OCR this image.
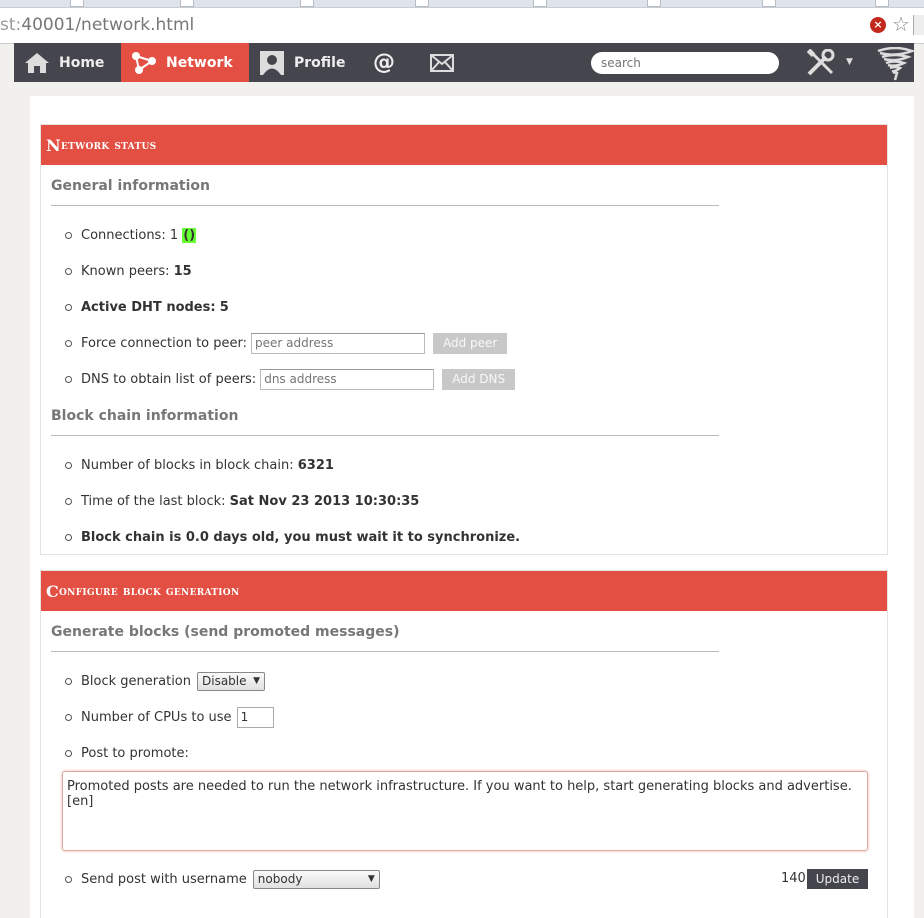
st:40001/network.html	× ☆
Home	Network	Profile @
search	▼
N etwork status
General information
Connections: 1
()
Known peers:
15
Active DHT nodes:
5
Force connection to peer:
peer address	Add peer
DNS to obtain list of peers:
dns address	Add DNS
Block chain information
Number of blocks in block chain:
6321
Time of the last block:
Sat Nov 23 2013 10:30:35
Block chain is 0.0 days old, you must wait it to synchronize.
C onfigure block generation
Generate blocks (send promoted messages)
Block generation Disable ▼
Number of CPUs to use 1
Post to promote:
Promoted posts are needed to run the network infrastructure. If you want to help, start generating blocks and advertise. [en]
Send post with username nobody	▼	140 Update
